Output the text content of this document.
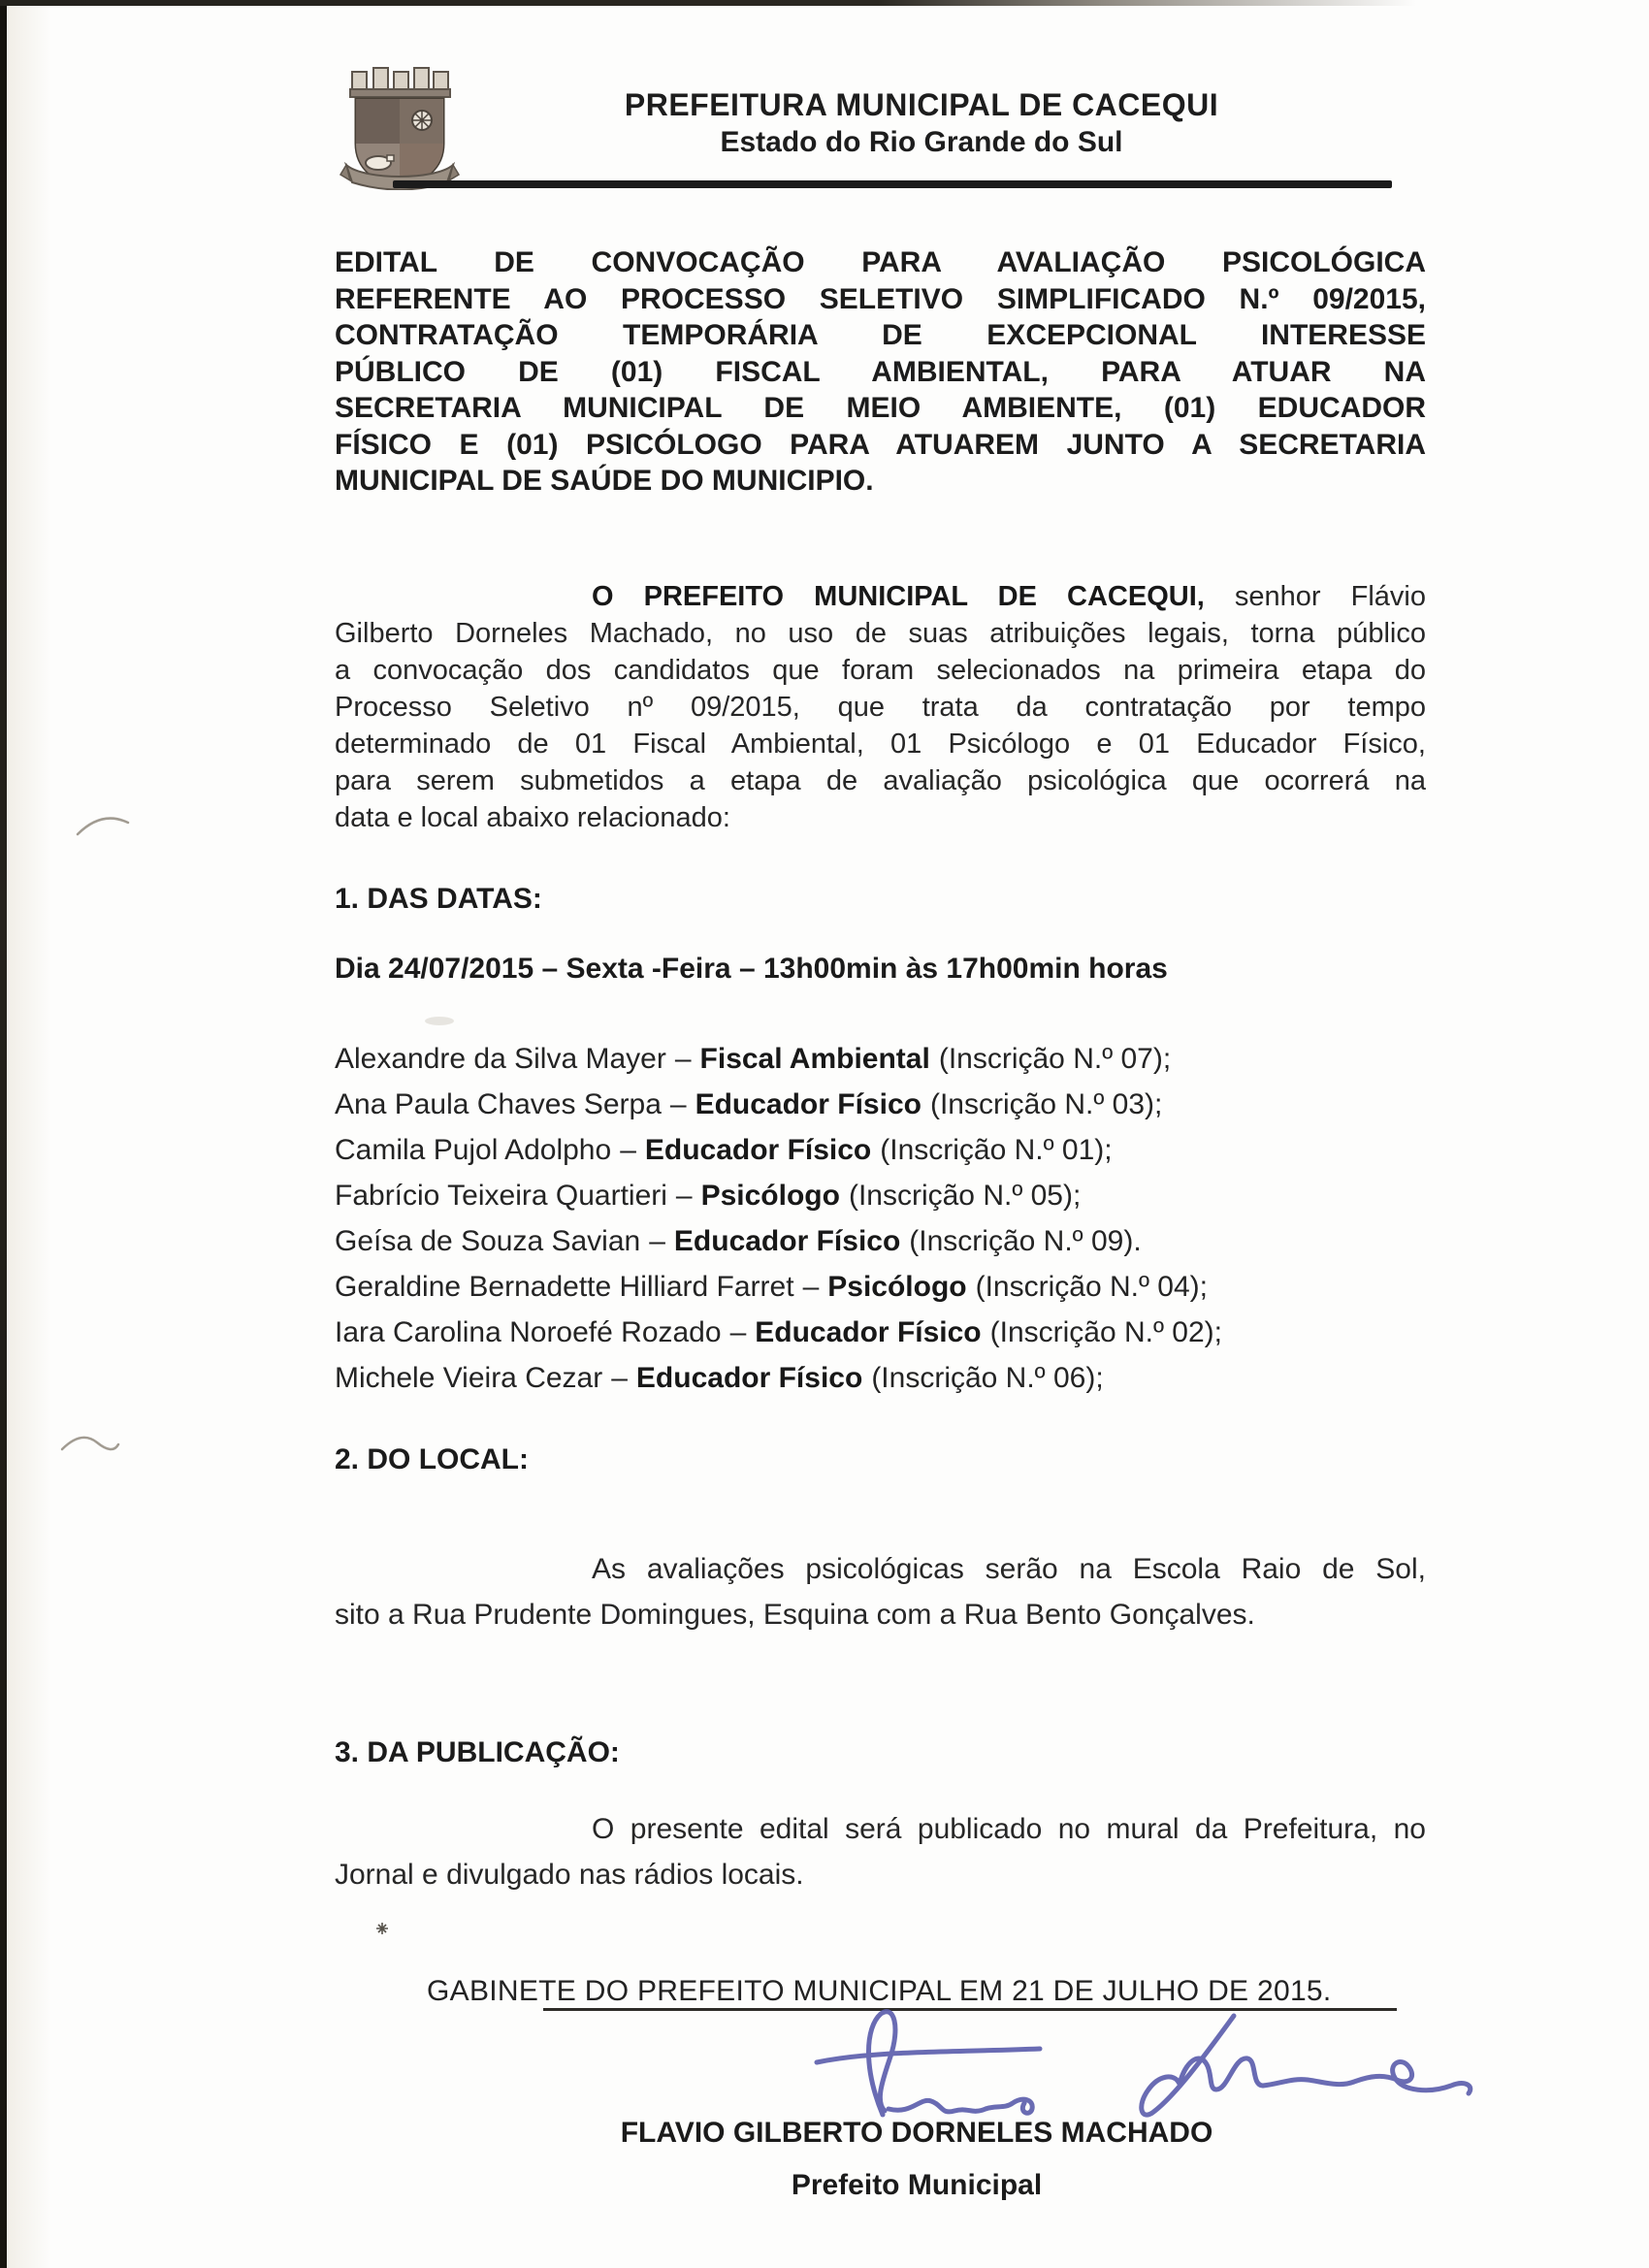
PREFEITURA MUNICIPAL DE CACEQUI
Estado do Rio Grande do Sul
EDITAL DE CONVOCAÇÃO PARA AVALIAÇÃO PSICOLÓGICA
REFERENTE AO PROCESSO SELETIVO SIMPLIFICADO N.º 09/2015,
CONTRATAÇÃO TEMPORÁRIA DE EXCEPCIONAL INTERESSE
PÚBLICO DE (01) FISCAL AMBIENTAL, PARA ATUAR NA
SECRETARIA MUNICIPAL DE MEIO AMBIENTE, (01) EDUCADOR
FÍSICO E (01) PSICÓLOGO PARA ATUAREM JUNTO A SECRETARIA
MUNICIPAL DE SAÚDE DO MUNICIPIO.
O PREFEITO MUNICIPAL DE CACEQUI, senhor Flávio
Gilberto Dorneles Machado, no uso de suas atribuições legais, torna público
a convocação dos candidatos que foram selecionados na primeira etapa do
Processo Seletivo nº 09/2015, que trata da contratação por tempo
determinado de 01 Fiscal Ambiental, 01 Psicólogo e 01 Educador Físico,
para serem submetidos a etapa de avaliação psicológica que ocorrerá na
data e local abaixo relacionado:
1. DAS DATAS:
Dia 24/07/2015 – Sexta -Feira – 13h00min às 17h00min horas
Alexandre da Silva Mayer – Fiscal Ambiental (Inscrição N.º 07);
Ana Paula Chaves Serpa – Educador Físico (Inscrição N.º 03);
Camila Pujol Adolpho – Educador Físico (Inscrição N.º 01);
Fabrício Teixeira Quartieri – Psicólogo (Inscrição N.º 05);
Geísa de Souza Savian – Educador Físico (Inscrição N.º 09).
Geraldine Bernadette Hilliard Farret – Psicólogo (Inscrição N.º 04);
Iara Carolina Noroefé Rozado – Educador Físico (Inscrição N.º 02);
Michele Vieira Cezar – Educador Físico (Inscrição N.º 06);
2. DO LOCAL:
As avaliações psicológicas serão na Escola Raio de Sol,
sito a Rua Prudente Domingues, Esquina com a Rua Bento Gonçalves.
3. DA PUBLICAÇÃO:
O presente edital será publicado no mural da Prefeitura, no
Jornal e divulgado nas rádios locais.
GABINETE DO PREFEITO MUNICIPAL EM 21 DE JULHO DE 2015.
FLAVIO GILBERTO DORNELES MACHADO
Prefeito Municipal
